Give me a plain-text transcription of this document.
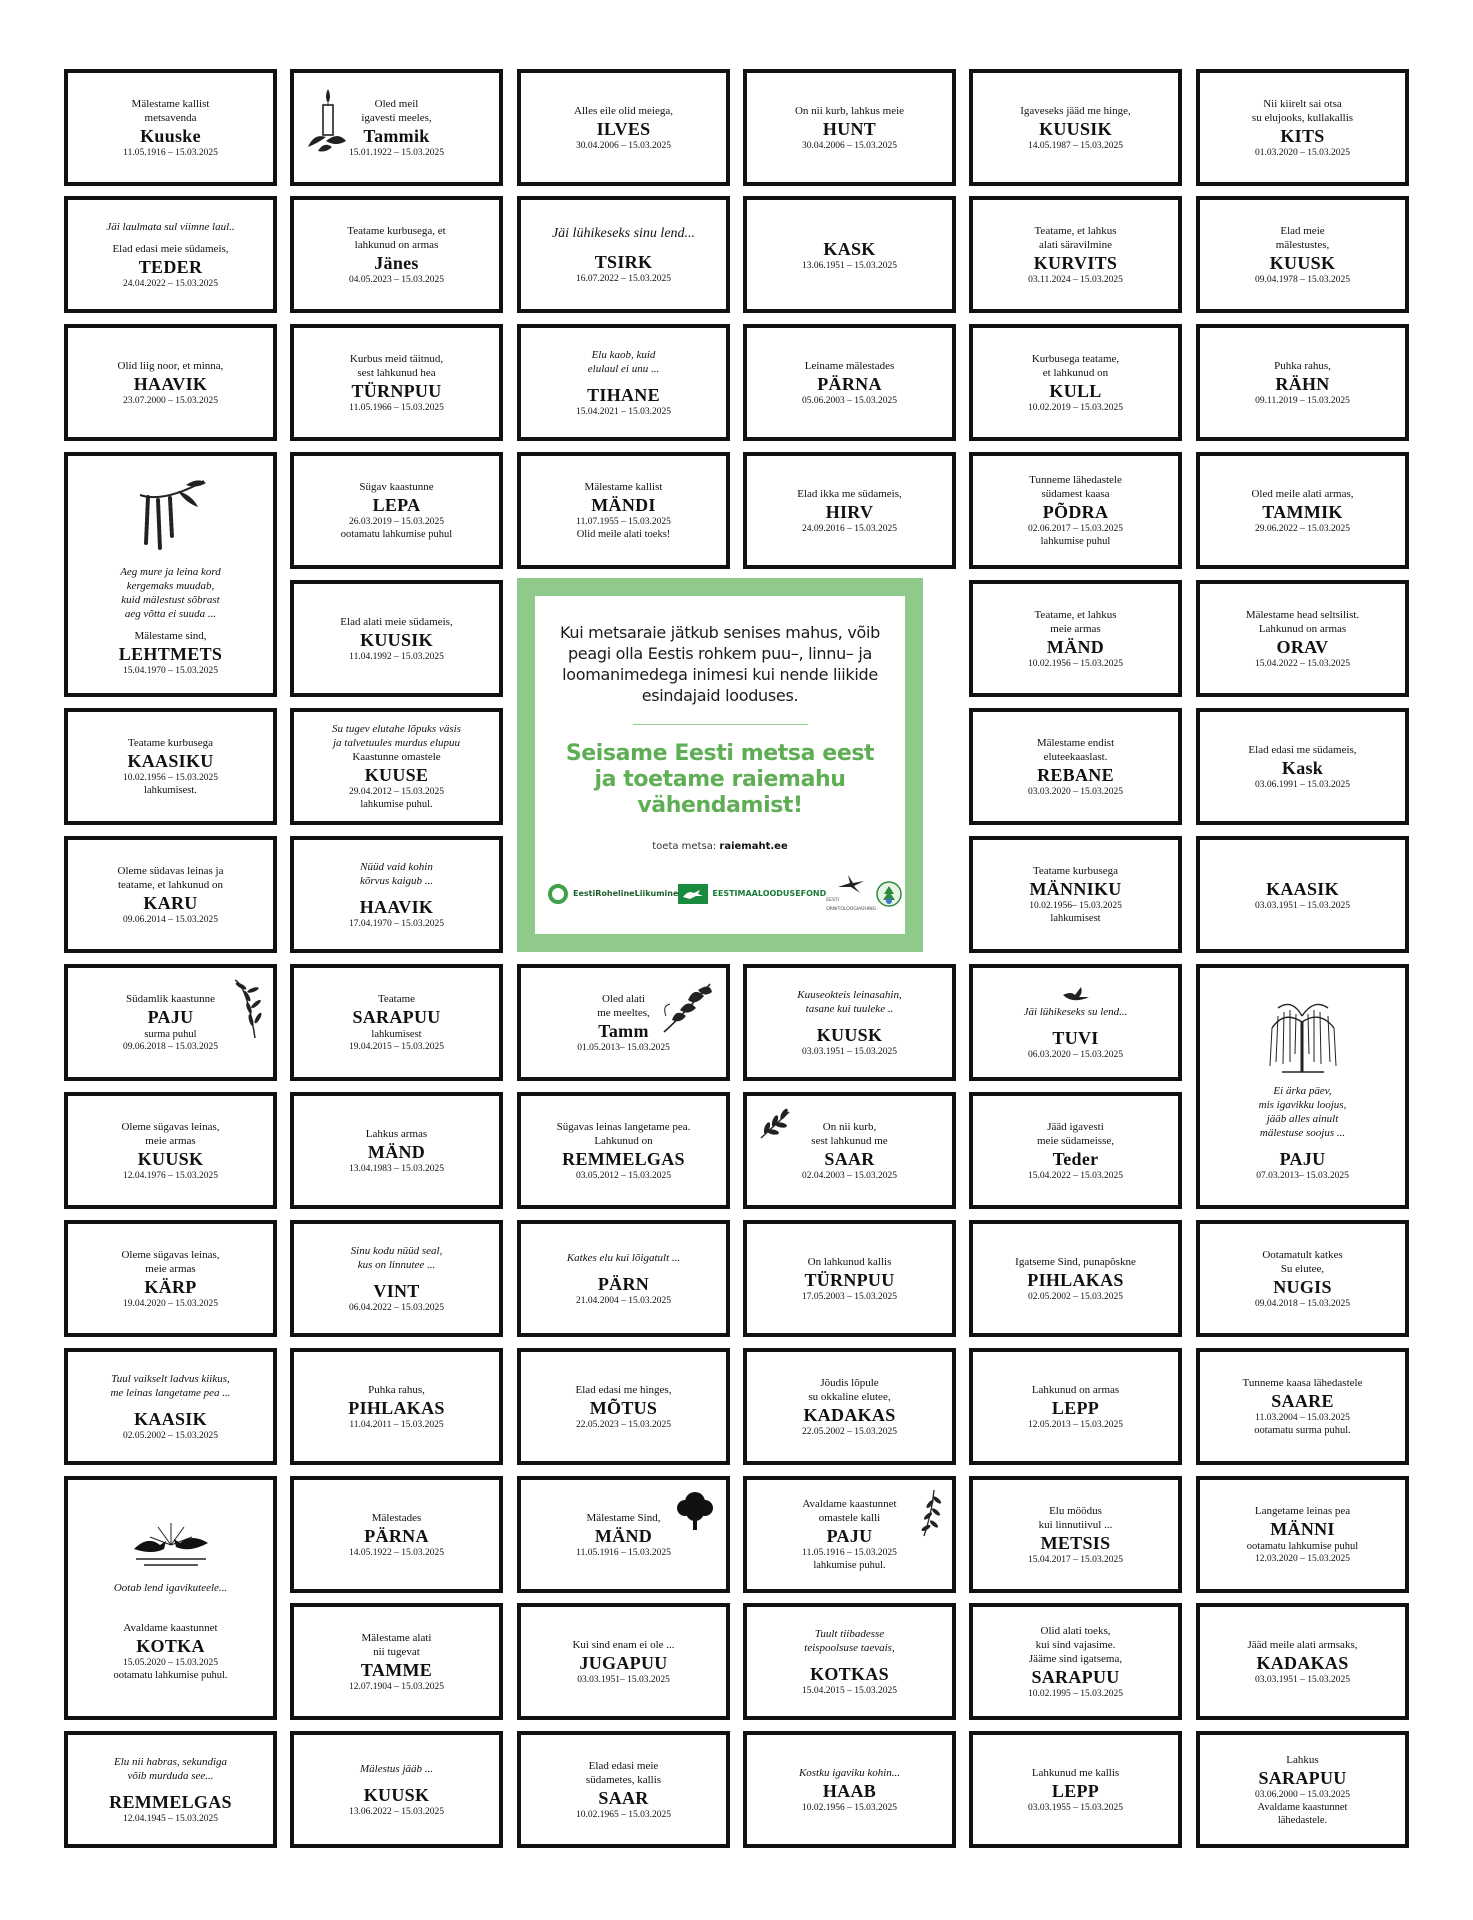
Mälestame kallist
metsavenda
Kuuske
11.05.1916 – 15.03.2025
Oled meil
igavesti meeles,
Tammik
15.01.1922 – 15.03.2025
Alles eile olid meiega,
ILVES
30.04.2006 – 15.03.2025
On nii kurb, lahkus meie
HUNT
30.04.2006 – 15.03.2025
Igaveseks jääd me hinge,
KUUSIK
14.05.1987 – 15.03.2025
Nii kiirelt sai otsa
su elujooks, kullakallis
KITS
01.03.2020 – 15.03.2025
Jäi laulmata sul viimne laul..
Elad edasi meie südameis,
TEDER
24.04.2022 – 15.03.2025
Teatame kurbusega, et
lahkunud on armas
Jänes
04.05.2023 – 15.03.2025
Jäi lühikeseks sinu lend...
TSIRK
16.07.2022 – 15.03.2025
KASK
13.06.1951 – 15.03.2025
Teatame, et lahkus
alati säravilmine
KURVITS
03.11.2024 – 15.03.2025
Elad meie
mälestustes,
KUUSK
09.04.1978 – 15.03.2025
Olid liig noor, et minna,
HAAVIK
23.07.2000 – 15.03.2025
Kurbus meid täitnud,
sest lahkunud hea
TÜRNPUU
11.05.1966 – 15.03.2025
Elu kaob, kuid
elulaul ei unu ...
TIHANE
15.04.2021 – 15.03.2025
Leiname mälestades
PÄRNA
05.06.2003 – 15.03.2025
Kurbusega teatame,
et lahkunud on
KULL
10.02.2019 – 15.03.2025
Puhka rahus,
RÄHN
09.11.2019 – 15.03.2025
Aeg mure ja leina kord
kergemaks muudab,
kuid mälestust sõbrast
aeg võtta ei suuda ...
Mälestame sind,
LEHTMETS
15.04.1970 – 15.03.2025
Sügav kaastunne
LEPA
26.03.2019 – 15.03.2025
ootamatu lahkumise puhul
Mälestame kallist
MÄNDI
11.07.1955 – 15.03.2025
Olid meile alati toeks!
Elad ikka me südameis,
HIRV
24.09.2016 – 15.03.2025
Tunneme lähedastele
südamest kaasa
PÕDRA
02.06.2017 – 15.03.2025
lahkumise puhul
Oled meile alati armas,
TAMMIK
29.06.2022 – 15.03.2025
Elad alati meie südameis,
KUUSIK
11.04.1992 – 15.03.2025
Teatame, et lahkus
meie armas
MÄND
10.02.1956 – 15.03.2025
Mälestame head seltsilist.
Lahkunud on armas
ORAV
15.04.2022 – 15.03.2025
Teatame kurbusega
KAASIKU
10.02.1956 – 15.03.2025
lahkumisest.
Su tugev elutahe lõpuks väsis
ja talvetuules murdus elupuu
Kaastunne omastele
KUUSE
29.04.2012 – 15.03.2025
lahkumise puhul.
Mälestame endist
eluteekaaslast.
REBANE
03.03.2020 – 15.03.2025
Elad edasi me südameis,
Kask
03.06.1991 – 15.03.2025
Oleme südavas leinas ja
teatame, et lahkunud on
KARU
09.06.2014 – 15.03.2025
Nüüd vaid kohin
kõrvus kaigub ...
HAAVIK
17.04.1970 – 15.03.2025
Teatame kurbusega
MÄNNIKU
10.02.1956– 15.03.2025
lahkumisest
KAASIK
03.03.1951 – 15.03.2025
Südamlik kaastunne
PAJU
surma puhul
09.06.2018 – 15.03.2025
Teatame
SARAPUU
lahkumisest
19.04.2015 – 15.03.2025
Oled alati
me meeltes,
Tamm
01.05.2013– 15.03.2025
Kuuseokteis leinasahin,
tasane kui tuuleke ..
KUUSK
03.03.1951 – 15.03.2025
Jäi lühikeseks su lend...
TUVI
06.03.2020 – 15.03.2025
Ei ärka päev,
mis igavikku loojus,
jääb alles ainult
mälestuse soojus ...
PAJU
07.03.2013– 15.03.2025
Oleme sügavas leinas,
meie armas
KUUSK
12.04.1976 – 15.03.2025
Lahkus armas
MÄND
13.04.1983 – 15.03.2025
Sügavas leinas langetame pea.
Lahkunud on
REMMELGAS
03.05.2012 – 15.03.2025
On nii kurb,
sest lahkunud me
SAAR
02.04.2003 – 15.03.2025
Jääd igavesti
meie südameisse,
Teder
15.04.2022 – 15.03.2025
Oleme sügavas leinas,
meie armas
KÄRP
19.04.2020 – 15.03.2025
Sinu kodu nüüd seal,
kus on linnutee ...
VINT
06.04.2022 – 15.03.2025
Katkes elu kui lõigatult ...
PÄRN
21.04.2004 – 15.03.2025
On lahkunud kallis
TÜRNPUU
17.05.2003 – 15.03.2025
Igatseme Sind, punapõskne
PIHLAKAS
02.05.2002 – 15.03.2025
Ootamatult katkes
Su elutee,
NUGIS
09.04.2018 – 15.03.2025
Tuul vaikselt ladvus kiikus,
me leinas langetame pea ...
KAASIK
02.05.2002 – 15.03.2025
Puhka rahus,
PIHLAKAS
11.04.2011 – 15.03.2025
Elad edasi me hinges,
MÕTUS
22.05.2023 – 15.03.2025
Jõudis lõpule
su okkaline elutee,
KADAKAS
22.05.2002 – 15.03.2025
Lahkunud on armas
LEPP
12.05.2013 – 15.03.2025
Tunneme kaasa lähedastele
SAARE
11.03.2004 – 15.03.2025
ootamatu surma puhul.
Ootab lend igavikuteele...
Avaldame kaastunnet
KOTKA
15.05.2020 – 15.03.2025
ootamatu lahkumise puhul.
Mälestades
PÄRNA
14.05.1922 – 15.03.2025
Mälestame Sind,
MÄND
11.05.1916 – 15.03.2025
Avaldame kaastunnet
omastele kalli
PAJU
11.05.1916 – 15.03.2025
lahkumise puhul.
Elu möödus
kui linnutiivul ...
METSIS
15.04.2017 – 15.03.2025
Langetame leinas pea
MÄNNI
ootamatu lahkumise puhul
12.03.2020 – 15.03.2025
Mälestame alati
nii tugevat
TAMME
12.07.1904 – 15.03.2025
Kui sind enam ei ole ...
JUGAPUU
03.03.1951– 15.03.2025
Tuult tiibadesse
teispoolsuse taevais,
KOTKAS
15.04.2015 – 15.03.2025
Olid alati toeks,
kui sind vajasime.
Jääme sind igatsema,
SARAPUU
10.02.1995 – 15.03.2025
Jääd meile alati armsaks,
KADAKAS
03.03.1951 – 15.03.2025
Elu nii habras, sekundiga
võib murduda see...
REMMELGAS
12.04.1945 – 15.03.2025
Mälestus jääb ...
KUUSK
13.06.2022 – 15.03.2025
Elad edasi meie
südametes, kallis
SAAR
10.02.1965 – 15.03.2025
Kostku igaviku kohin...
HAAB
10.02.1956 – 15.03.2025
Lahkunud me kallis
LEPP
03.03.1955 – 15.03.2025
Lahkus
SARAPUU
03.06.2000 – 15.03.2025
Avaldame kaastunnet
lähedastele.
Kui metsaraie jätkub senises mahus, võib peagi olla Eestis rohkem puu–, linnu– ja loomanimedega inimesi kui nende liikide esindajaid looduses.
Seisame Eesti metsa eest ja toetame raiemahu vähendamist!
toeta metsa: raiemaht.ee
EestiRohelineLiikumine	EESTIMAALOODUSEFOND
EESTI ORNITOLOOGIAÜHING
